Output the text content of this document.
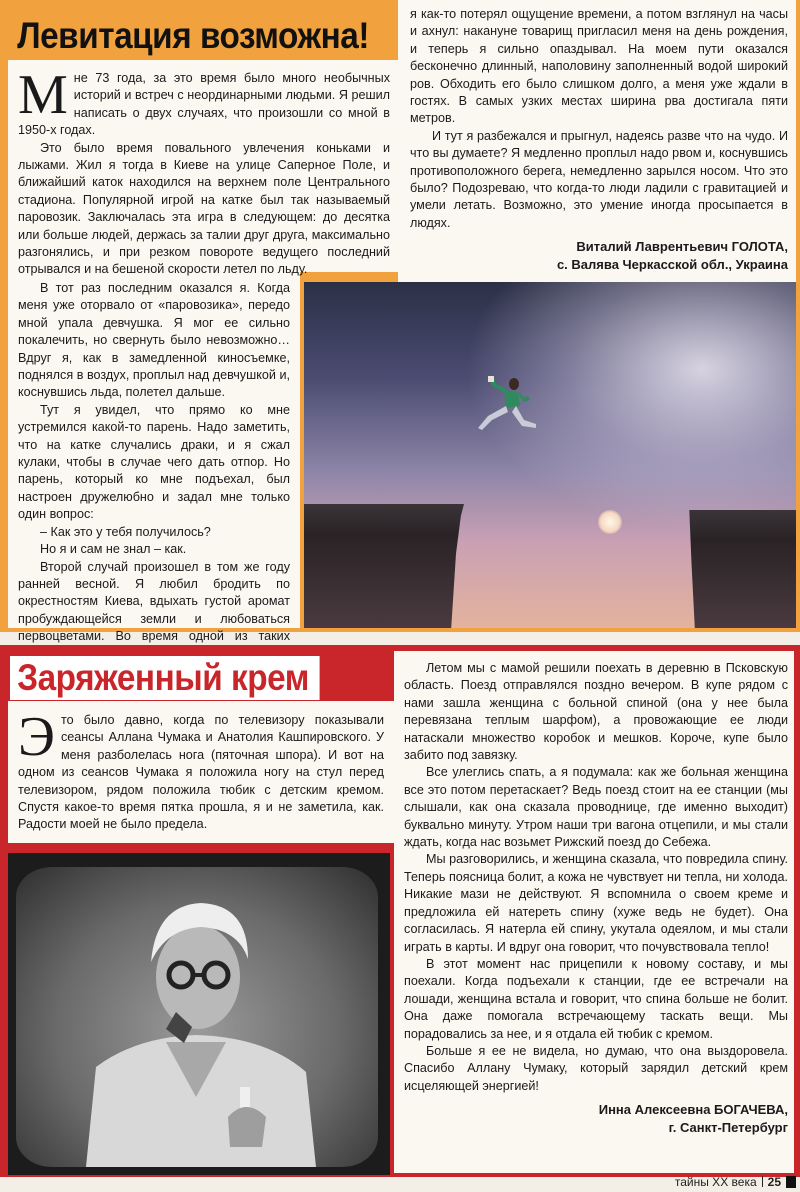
Левитация возможна!

Мне 73 года, за это время было много необычных историй и встреч с неординарными людьми. Я решил написать о двух случаях, что произошли со мной в 1950-х годах.

Это было время повального увлечения коньками и лыжами. Жил я тогда в Киеве на улице Саперное Поле, и ближайший каток находился на верхнем поле Центрального стадиона. Популярной игрой на катке был так называемый паровозик. Заключалась эта игра в следующем: до десятка или больше людей, держась за талии друг друга, максимально разгонялись, и при резком повороте ведущего последний отрывался и на бешеной скорости летел по льду.

В тот раз последним оказался я. Когда меня уже оторвало от «паровозика», передо мной упала девчушка. Я мог ее сильно покалечить, но свернуть было невозможно… Вдруг я, как в замедленной киносъемке, поднялся в воздух, проплыл над девчушкой и, коснувшись льда, полетел дальше.

Тут я увидел, что прямо ко мне устремился какой-то парень. Надо заметить, что на катке случались драки, и я сжал кулаки, чтобы в случае чего дать отпор. Но парень, который ко мне подъехал, был настроен дружелюбно и задал мне только один вопрос:

– Как это у тебя получилось?

Но я и сам не знал – как.

Второй случай произошел в том же году ранней весной. Я любил бродить по окрестностям Киева, вдыхать густой аромат пробуждающейся земли и любоваться первоцветами. Во время одной из таких

я как-то потерял ощущение времени, а потом взглянул на часы и ахнул: накануне товарищ пригласил меня на день рождения, и теперь я сильно опаздывал. На моем пути оказался бесконечно длинный, наполовину заполненный водой широкий ров. Обходить его было слишком долго, а меня уже ждали в гостях. В самых узких местах ширина рва достигала пяти метров.

И тут я разбежался и прыгнул, надеясь разве что на чудо. И что вы думаете? Я медленно проплыл надо рвом и, коснувшись противоположного берега, немедленно зарылся носом. Что это было? Подозреваю, что когда-то люди ладили с гравитацией и умели летать. Возможно, это умение иногда просыпается в людях.

Виталий Лаврентьевич ГОЛОТА,
с. Валява Черкасской обл., Украина
Заряженный крем

Это было давно, когда по телевизору показывали сеансы Аллана Чумака и Анатолия Кашпировского. У меня разболелась нога (пяточная шпора). И вот на одном из сеансов Чумака я положила ногу на стул перед телевизором, рядом положила тюбик с детским кремом. Спустя какое-то время пятка прошла, я и не заметила, как. Радости моей не было предела.

Летом мы с мамой решили поехать в деревню в Псковскую область. Поезд отправлялся поздно вечером. В купе рядом с нами зашла женщина с больной спиной (она у нее была перевязана теплым шарфом), а провожающие ее люди натаскали множество коробок и мешков. Короче, купе было забито под завязку.

Все улеглись спать, а я подумала: как же больная женщина все это потом перетаскает? Ведь поезд стоит на ее станции (мы слышали, как она сказала проводнице, где именно выходит) буквально минуту. Утром наши три вагона отцепили, и мы стали ждать, когда нас возьмет Рижский поезд до Себежа.

Мы разговорились, и женщина сказала, что повредила спину. Теперь поясница болит, а кожа не чувствует ни тепла, ни холода. Никакие мази не действуют. Я вспомнила о своем креме и предложила ей натереть спину (хуже ведь не будет). Она согласилась. Я натерла ей спину, укутала одеялом, и мы стали играть в карты. И вдруг она говорит, что почувствовала тепло!

В этот момент нас прицепили к новому составу, и мы поехали. Когда подъехали к станции, где ее встречали на лошади, женщина встала и говорит, что спина больше не болит. Она даже помогала встречающему таскать вещи. Мы порадовались за нее, и я отдала ей тюбик с кремом.

Больше я ее не видела, но думаю, что она выздоровела. Спасибо Аллану Чумаку, который зарядил детский крем исцеляющей энергией!

Инна Алексеевна БОГАЧЕВА,
г. Санкт-Петербург
тайны XX века 25
